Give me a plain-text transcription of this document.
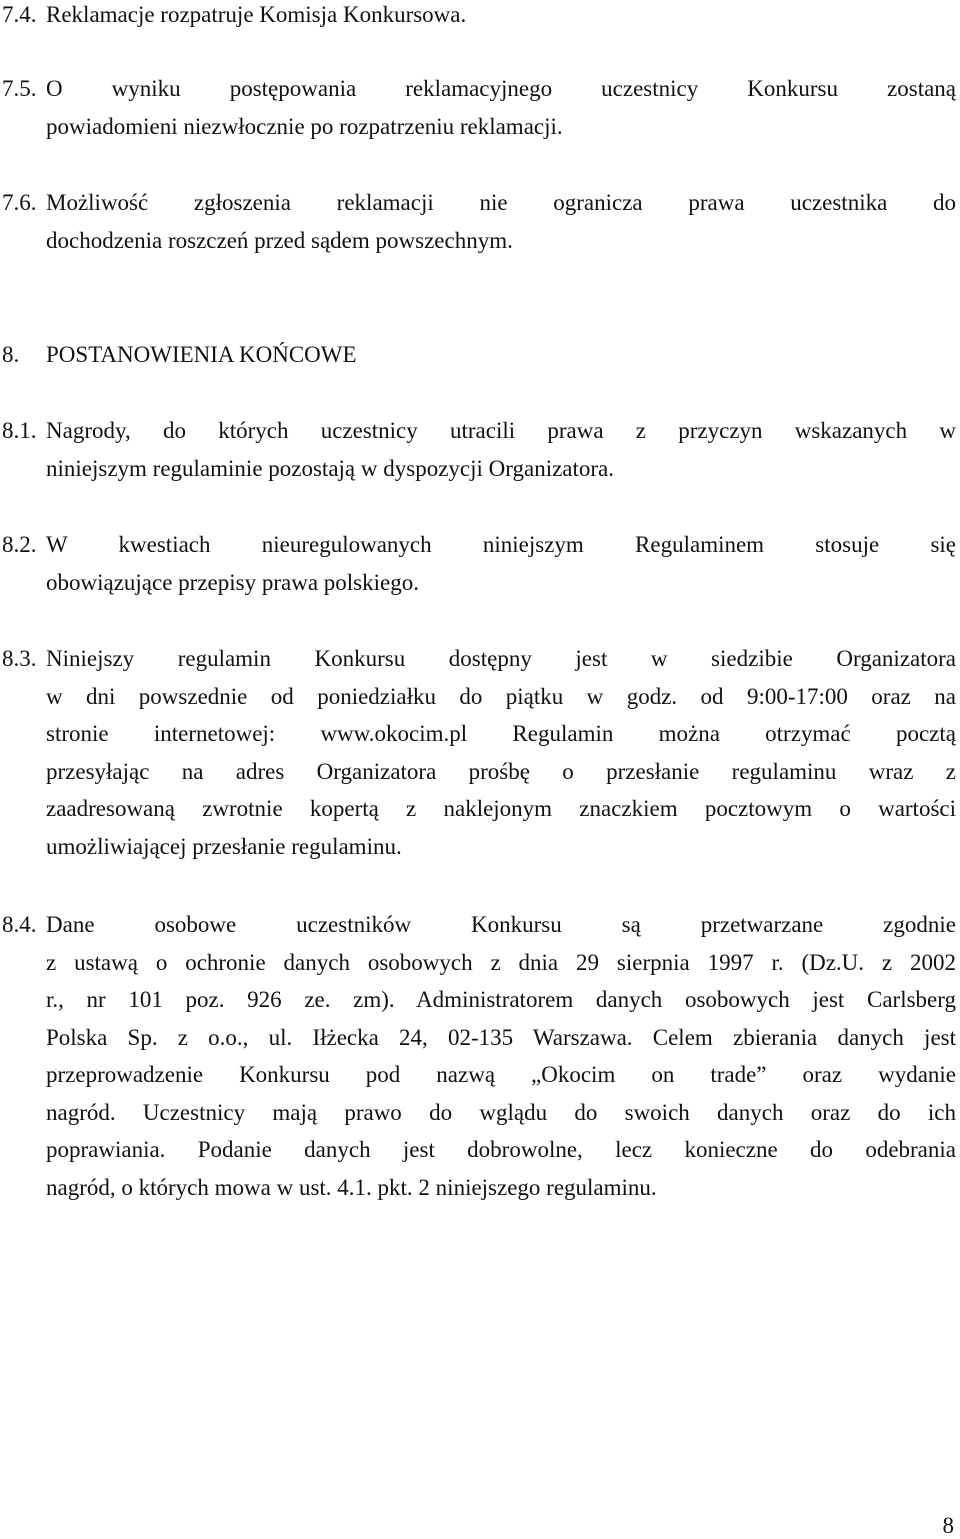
7.4. Reklamacje rozpatruje Komisja Konkursowa.
7.5. O wyniku postępowania reklamacyjnego uczestnicy Konkursu zostaną
powiadomieni niezwłocznie po rozpatrzeniu reklamacji.
7.6. Możliwość zgłoszenia reklamacji nie ogranicza prawa uczestnika do
dochodzenia roszczeń przed sądem powszechnym.
8. POSTANOWIENIA KOŃCOWE
8.1. Nagrody, do których uczestnicy utracili prawa z przyczyn wskazanych w
niniejszym regulaminie pozostają w dyspozycji Organizatora.
8.2. W kwestiach nieuregulowanych niniejszym Regulaminem stosuje się
obowiązujące przepisy prawa polskiego.
8.3. Niniejszy regulamin Konkursu dostępny jest w siedzibie Organizatora
w dni powszednie od poniedziałku do piątku w godz. od 9:00-17:00 oraz na
stronie internetowej: www.okocim.pl Regulamin można otrzymać pocztą
przesyłając na adres Organizatora prośbę o przesłanie regulaminu wraz z
zaadresowaną zwrotnie kopertą z naklejonym znaczkiem pocztowym o wartości
umożliwiającej przesłanie regulaminu.
8.4. Dane osobowe uczestników Konkursu są przetwarzane zgodnie
z ustawą o ochronie danych osobowych z dnia 29 sierpnia 1997 r. (Dz.U. z 2002
r., nr 101 poz. 926 ze. zm). Administratorem danych osobowych jest Carlsberg
Polska Sp. z o.o., ul. Iłżecka 24, 02-135 Warszawa. Celem zbierania danych jest
przeprowadzenie Konkursu pod nazwą „Okocim on trade” oraz wydanie
nagród. Uczestnicy mają prawo do wglądu do swoich danych oraz do ich
poprawiania. Podanie danych jest dobrowolne, lecz konieczne do odebrania
nagród, o których mowa w ust. 4.1. pkt. 2 niniejszego regulaminu.
8
